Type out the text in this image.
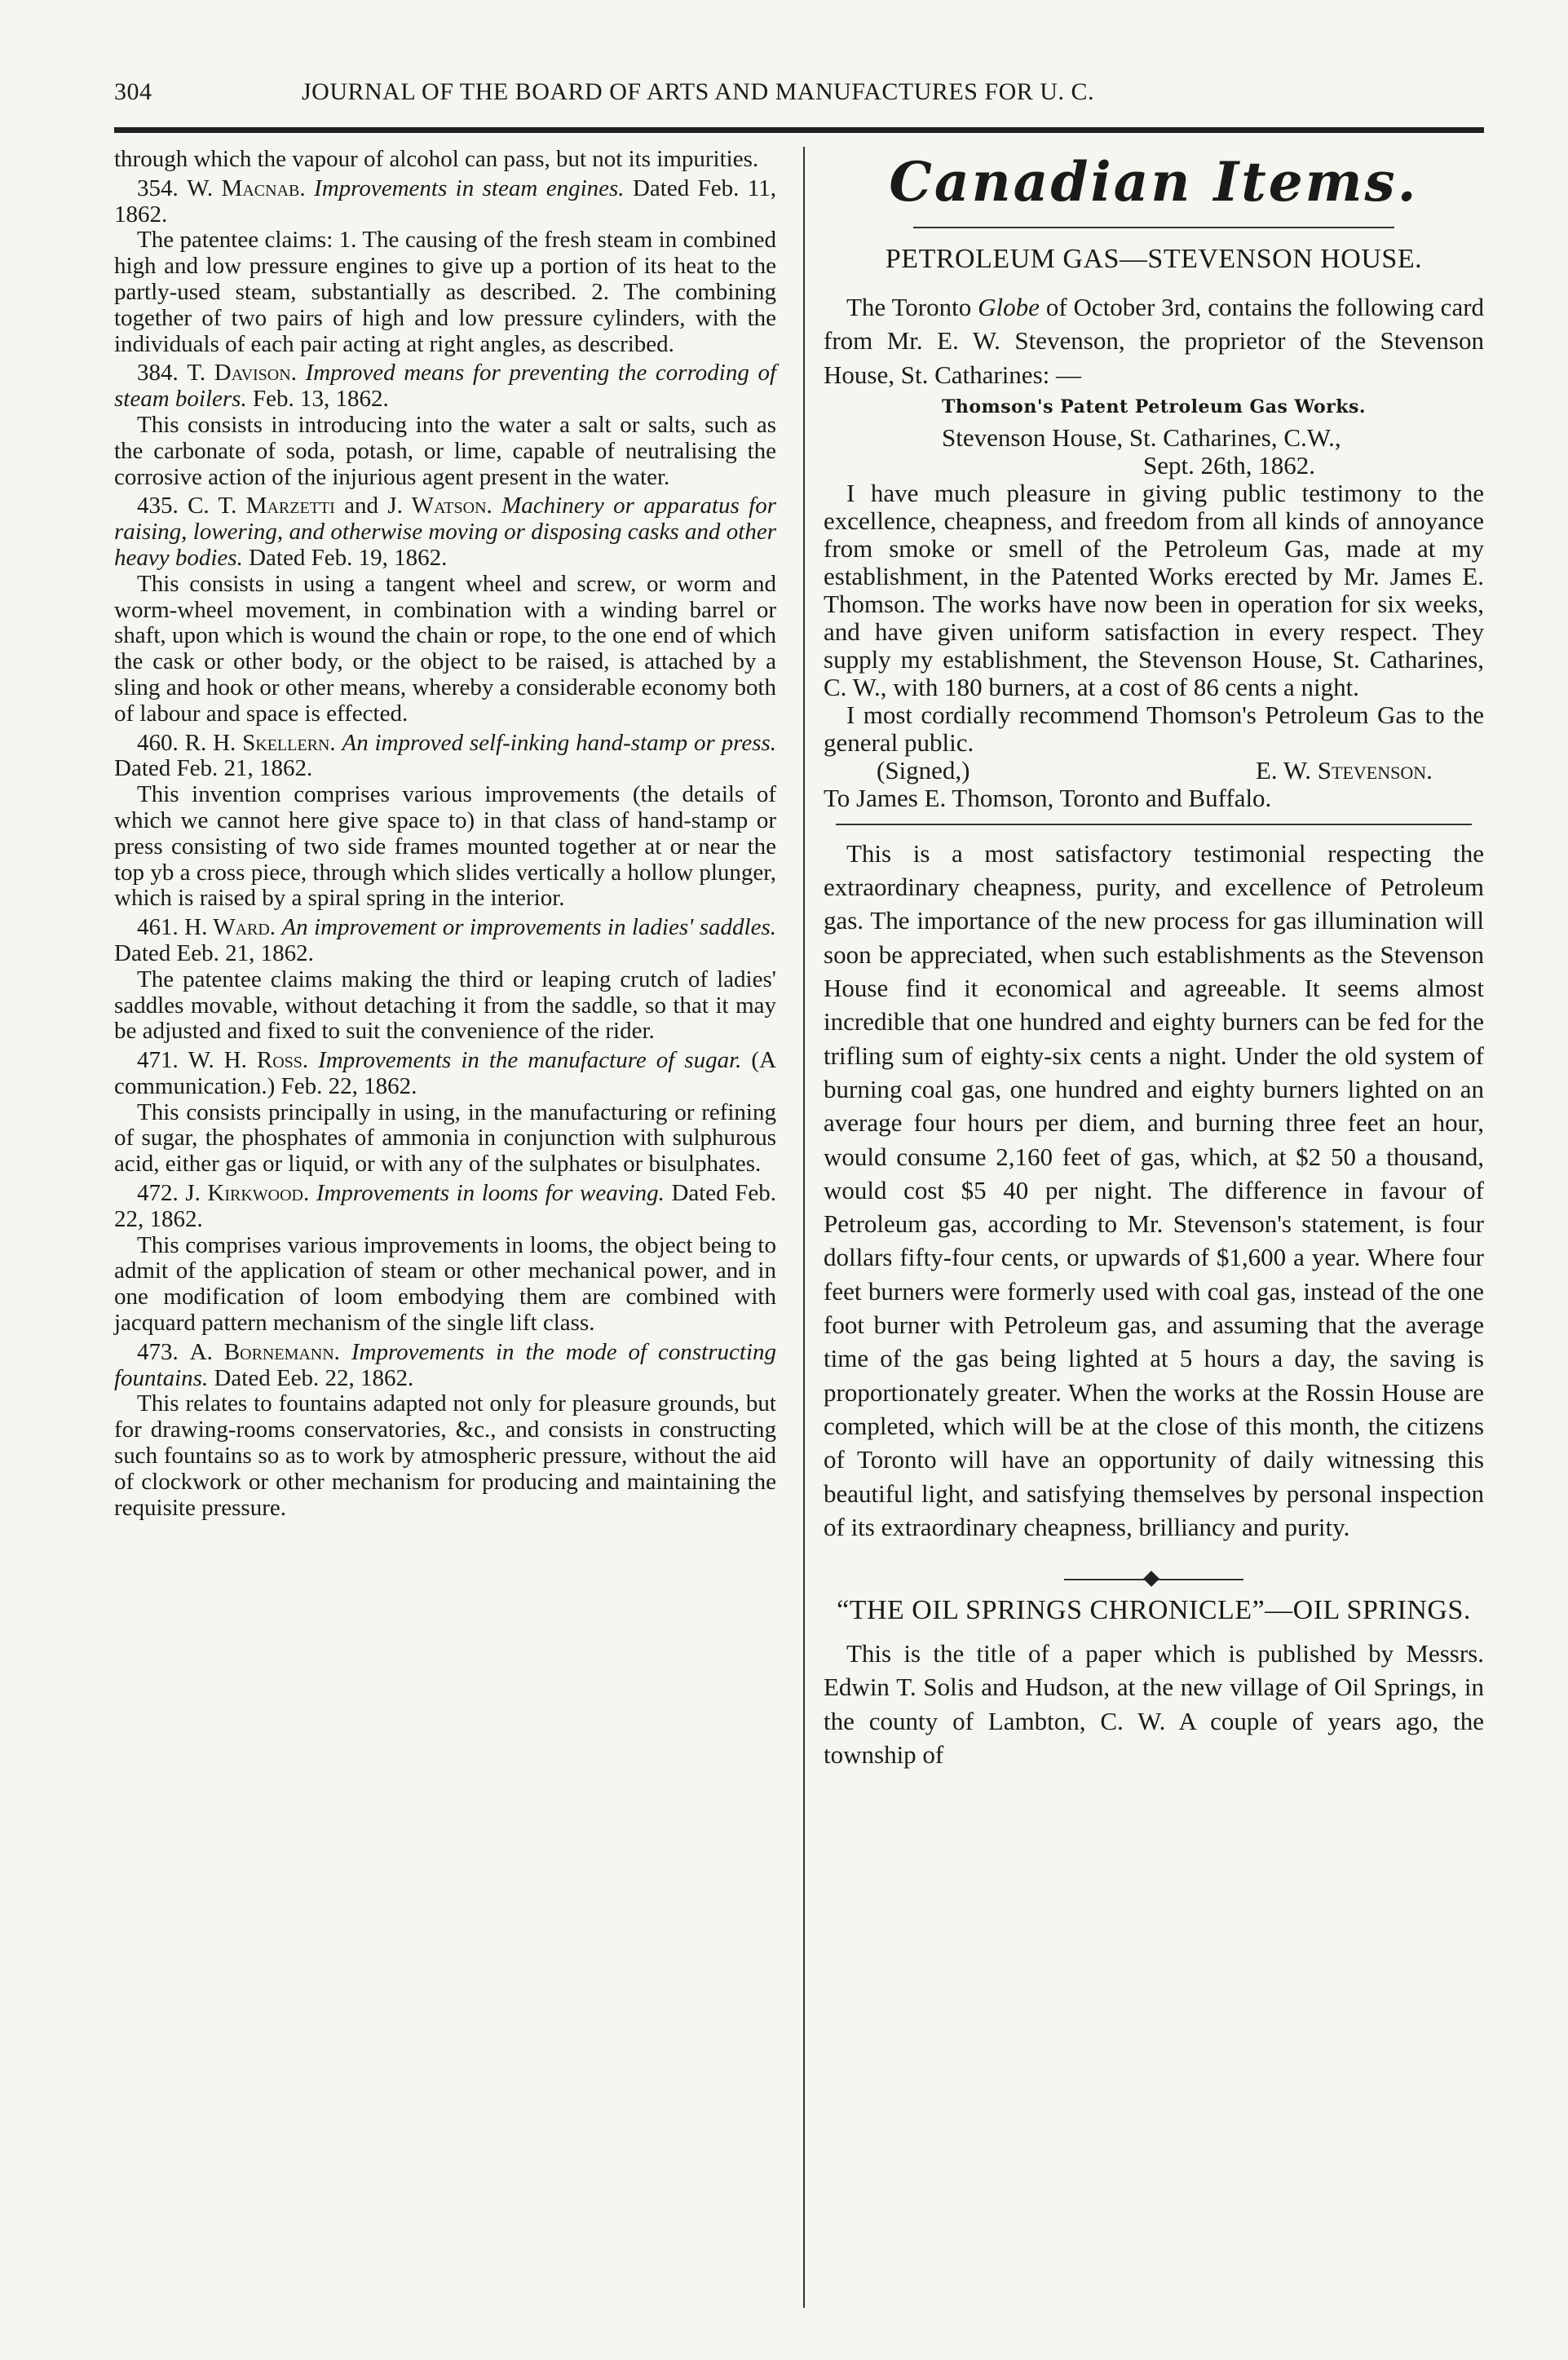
304	JOURNAL OF THE BOARD OF ARTS AND MANUFACTURES FOR U. C.

through which the vapour of alcohol can pass, but not its impurities.

354. W. Macnab. Improvements in steam engines. Dated Feb. 11, 1862.

The patentee claims: 1. The causing of the fresh steam in combined high and low pressure engines to give up a portion of its heat to the partly-used steam, substantially as described. 2. The combining together of two pairs of high and low pressure cylinders, with the individuals of each pair acting at right angles, as described.

384. T. Davison. Improved means for preventing the corroding of steam boilers. Feb. 13, 1862.

This consists in introducing into the water a salt or salts, such as the carbonate of soda, potash, or lime, capable of neutralising the corrosive action of the injurious agent present in the water.

435. C. T. Marzetti and J. Watson. Machinery or apparatus for raising, lowering, and otherwise moving or disposing casks and other heavy bodies. Dated Feb. 19, 1862.

This consists in using a tangent wheel and screw, or worm and worm-wheel movement, in combination with a winding barrel or shaft, upon which is wound the chain or rope, to the one end of which the cask or other body, or the object to be raised, is attached by a sling and hook or other means, whereby a considerable economy both of labour and space is effected.

460. R. H. Skellern. An improved self-inking hand-stamp or press. Dated Feb. 21, 1862.

This invention comprises various improvements (the details of which we cannot here give space to) in that class of hand-stamp or press consisting of two side frames mounted together at or near the top yb a cross piece, through which slides vertically a hollow plunger, which is raised by a spiral spring in the interior.

461. H. Ward. An improvement or improvements in ladies' saddles. Dated Eeb. 21, 1862.

The patentee claims making the third or leaping crutch of ladies' saddles movable, without detaching it from the saddle, so that it may be adjusted and fixed to suit the convenience of the rider.

471. W. H. Ross. Improvements in the manufacture of sugar. (A communication.) Feb. 22, 1862.

This consists principally in using, in the manufacturing or refining of sugar, the phosphates of ammonia in conjunction with sulphurous acid, either gas or liquid, or with any of the sulphates or bisulphates.

472. J. Kirkwood. Improvements in looms for weaving. Dated Feb. 22, 1862.

This comprises various improvements in looms, the object being to admit of the application of steam or other mechanical power, and in one modification of loom embodying them are combined with jacquard pattern mechanism of the single lift class.

473. A. Bornemann. Improvements in the mode of constructing fountains. Dated Eeb. 22, 1862.

This relates to fountains adapted not only for pleasure grounds, but for drawing-rooms conservatories, &c., and consists in constructing such fountains so as to work by atmospheric pressure, without the aid of clockwork or other mechanism for producing and maintaining the requisite pressure.

Canadian Items.
PETROLEUM GAS—STEVENSON HOUSE.

The Toronto Globe of October 3rd, contains the following card from Mr. E. W. Stevenson, the proprietor of the Stevenson House, St. Catharines: —

Thomson's Patent Petroleum Gas Works.
Stevenson House, St. Catharines, C.W.,
Sept. 26th, 1862.

I have much pleasure in giving public testimony to the excellence, cheapness, and freedom from all kinds of annoyance from smoke or smell of the Petroleum Gas, made at my establishment, in the Patented Works erected by Mr. James E. Thomson. The works have now been in operation for six weeks, and have given uniform satisfaction in every respect. They supply my establishment, the Stevenson House, St. Catharines, C. W., with 180 burners, at a cost of 86 cents a night.

I most cordially recommend Thomson's Petroleum Gas to the general public.

(Signed,)	E. W. Stevenson.

To James E. Thomson, Toronto and Buffalo.

This is a most satisfactory testimonial respecting the extraordinary cheapness, purity, and excellence of Petroleum gas. The importance of the new process for gas illumination will soon be appreciated, when such establishments as the Stevenson House find it economical and agreeable. It seems almost incredible that one hundred and eighty burners can be fed for the trifling sum of eighty-six cents a night. Under the old system of burning coal gas, one hundred and eighty burners lighted on an average four hours per diem, and burning three feet an hour, would consume 2,160 feet of gas, which, at $2 50 a thousand, would cost $5 40 per night. The difference in favour of Petroleum gas, according to Mr. Stevenson's statement, is four dollars fifty-four cents, or upwards of $1,600 a year. Where four feet burners were formerly used with coal gas, instead of the one foot burner with Petroleum gas, and assuming that the average time of the gas being lighted at 5 hours a day, the saving is proportionately greater. When the works at the Rossin House are completed, which will be at the close of this month, the citizens of Toronto will have an opportunity of daily witnessing this beautiful light, and satisfying themselves by personal inspection of its extraordinary cheapness, brilliancy and purity.

“THE OIL SPRINGS CHRONICLE”—OIL SPRINGS.

This is the title of a paper which is published by Messrs. Edwin T. Solis and Hudson, at the new village of Oil Springs, in the county of Lambton, C. W. A couple of years ago, the township of
